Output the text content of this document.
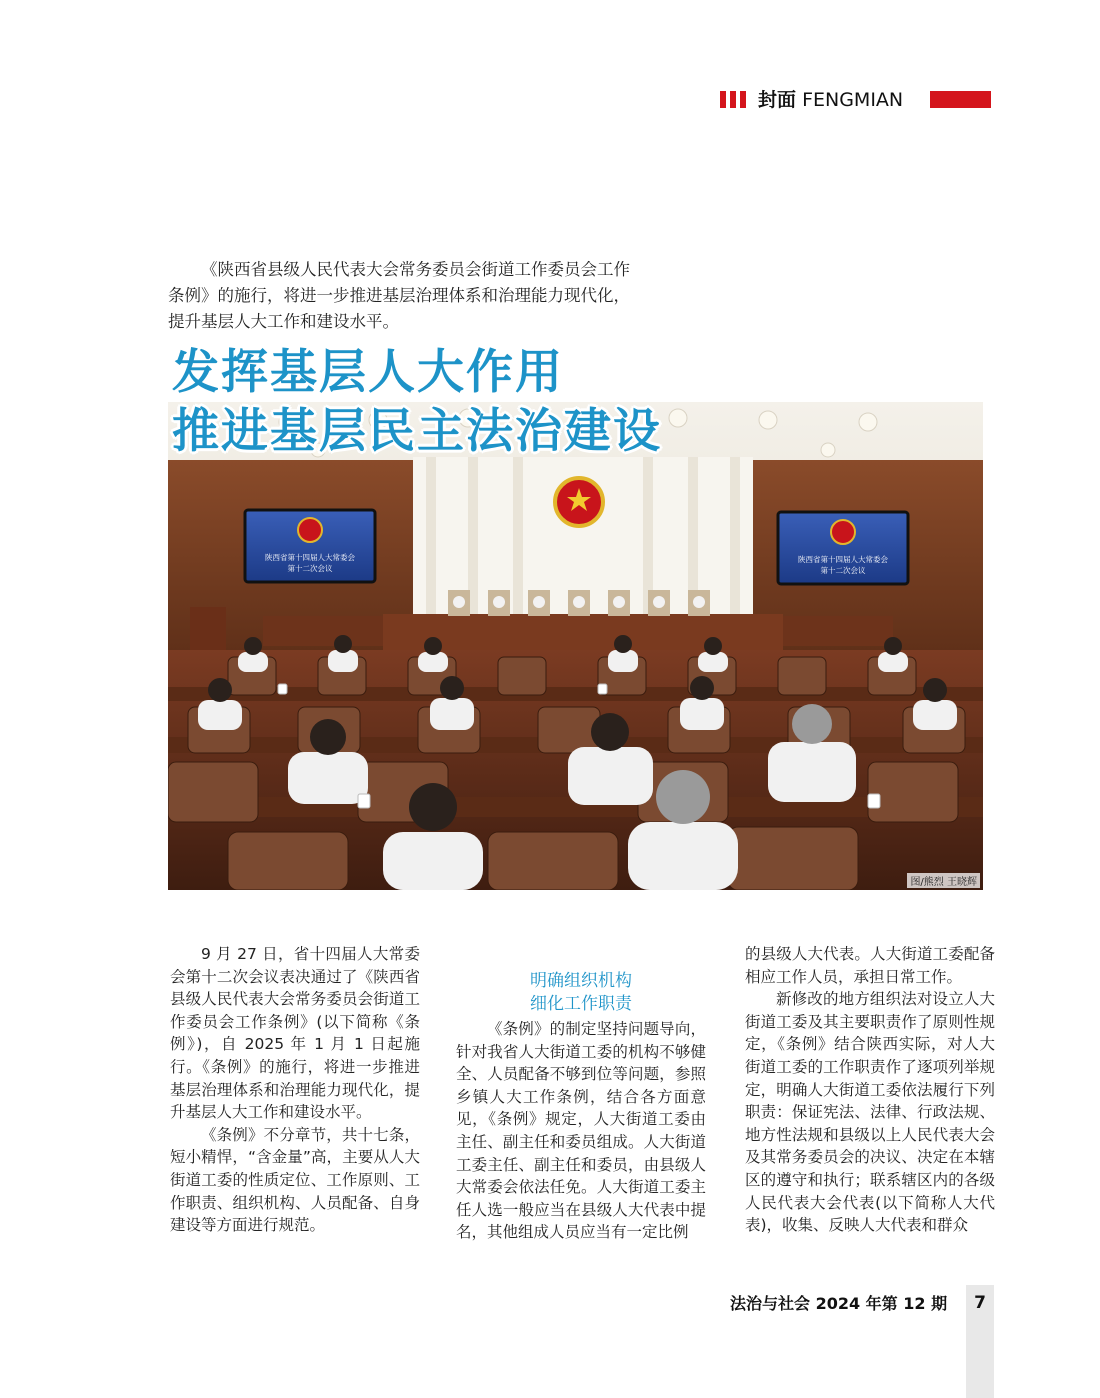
封面 FENGMIAN

《陕西省县级人民代表大会常务委员会街道工作委员会工作条例》的施行，将进一步推进基层治理体系和治理能力现代化，提升基层人大工作和建设水平。

陕西省第十四届人大常委会
第十二次会议
陕西省第十四届人大常委会
第十二次会议
图/熊烈 王晓辉
发挥基层人大作用
推进基层民主法治建设

9 月 27 日，省十四届人大常委会第十二次会议表决通过了《陕西省县级人民代表大会常务委员会街道工作委员会工作条例》(以下简称《条例》)，自 2025 年 1 月 1 日起施行。《条例》的施行，将进一步推进基层治理体系和治理能力现代化，提升基层人大工作和建设水平。

《条例》不分章节，共十七条，短小精悍，“含金量”高，主要从人大街道工委的性质定位、工作原则、工作职责、组织机构、人员配备、自身建设等方面进行规范。

明确组织机构
细化工作职责

《条例》的制定坚持问题导向，针对我省人大街道工委的机构不够健全、人员配备不够到位等问题，参照乡镇人大工作条例，结合各方面意见，《条例》规定，人大街道工委由主任、副主任和委员组成。人大街道工委主任、副主任和委员，由县级人大常委会依法任免。人大街道工委主任人选一般应当在县级人大代表中提名，其他组成人员应当有一定比例

的县级人大代表。人大街道工委配备相应工作人员，承担日常工作。

新修改的地方组织法对设立人大街道工委及其主要职责作了原则性规定，《条例》结合陕西实际，对人大街道工委的工作职责作了逐项列举规定，明确人大街道工委依法履行下列职责：保证宪法、法律、行政法规、地方性法规和县级以上人民代表大会及其常务委员会的决议、决定在本辖区的遵守和执行；联系辖区内的各级人民代表大会代表(以下简称人大代表)，收集、反映人大代表和群众

法治与社会 2024 年第 12 期	7
